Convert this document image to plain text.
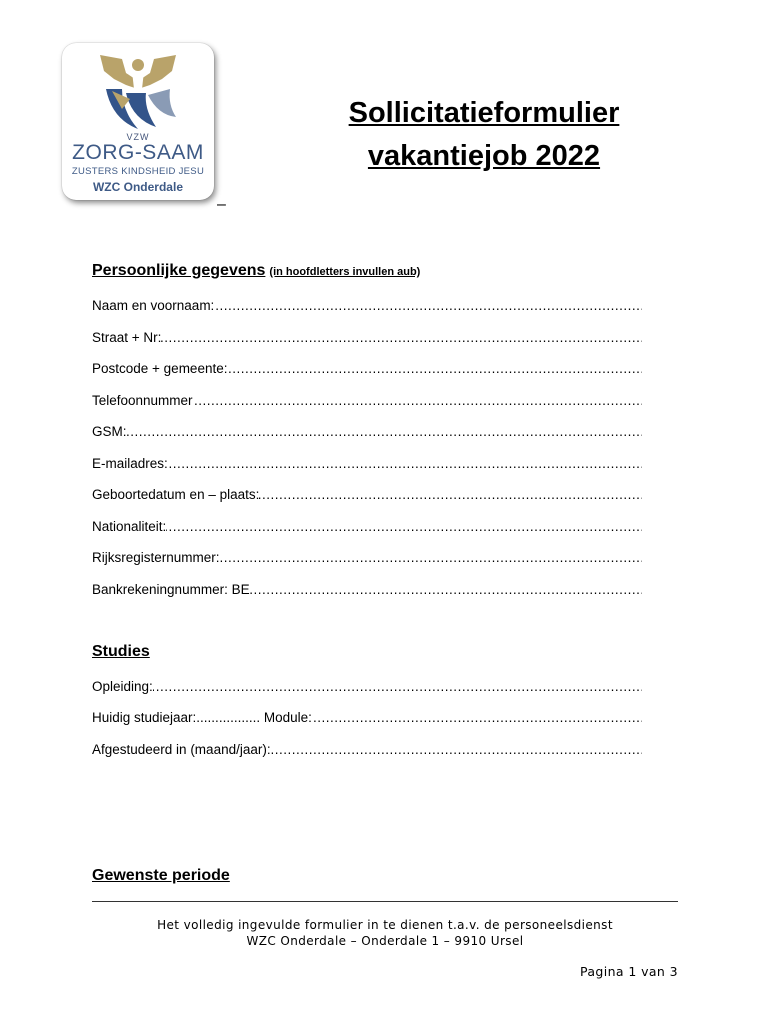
VZW
ZORG-SAAM
ZUSTERS KINDSHEID JESU
WZC Onderdale
Sollicitatieformulier
vakantiejob 2022
–
Persoonlijke gegevens (in hoofdletters invullen aub)
Naam en voornaam: .....
Straat + Nr: .....
Postcode + gemeente: .....
Telefoonnummer .....
GSM: .....
E-mailadres: .....
Geboortedatum en – plaats: .....
Nationaliteit: .....
Rijksregisternummer: .....
Bankrekeningnummer: BE .....
Studies
Opleiding: .....
Huidig studiejaar:................. Module: .....
Afgestudeerd in (maand/jaar): .....
Gewenste periode
Het volledig ingevulde formulier in te dienen t.a.v. de personeelsdienst
WZC Onderdale – Onderdale 1 – 9910 Ursel
Pagina 1 van 3
